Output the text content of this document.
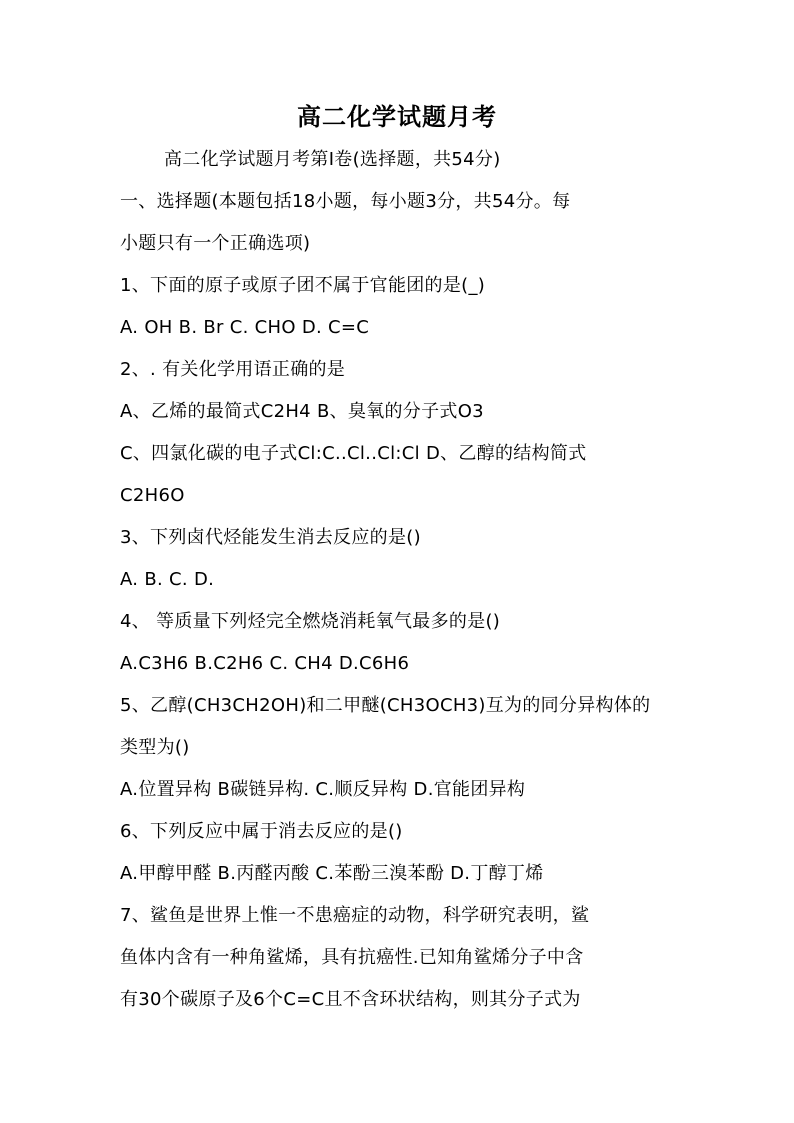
高二化学试题月考
高二化学试题月考第Ⅰ卷(选择题，共54分)
一、选择题(本题包括18小题，每小题3分，共54分。每
小题只有一个正确选项)
1、下面的原子或原子团不属于官能团的是(_)
A. OH B. Br C. CHO D. C=C
2、. 有关化学用语正确的是
A、乙烯的最简式C2H4 B、臭氧的分子式O3
C、四氯化碳的电子式Cl:C..Cl..Cl:Cl D、乙醇的结构简式
C2H6O
3、下列卤代烃能发生消去反应的是()
A. B. C. D.
4、 等质量下列烃完全燃烧消耗氧气最多的是()
A.C3H6 B.C2H6 C. CH4 D.C6H6
5、乙醇(CH3CH2OH)和二甲醚(CH3OCH3)互为的同分异构体的
类型为()
A.位置异构 B碳链异构. C.顺反异构 D.官能团异构
6、下列反应中属于消去反应的是()
A.甲醇甲醛 B.丙醛丙酸 C.苯酚三溴苯酚 D.丁醇丁烯
7、鲨鱼是世界上惟一不患癌症的动物，科学研究表明，鲨
鱼体内含有一种角鲨烯，具有抗癌性.已知角鲨烯分子中含
有30个碳原子及6个C=C且不含环状结构，则其分子式为
